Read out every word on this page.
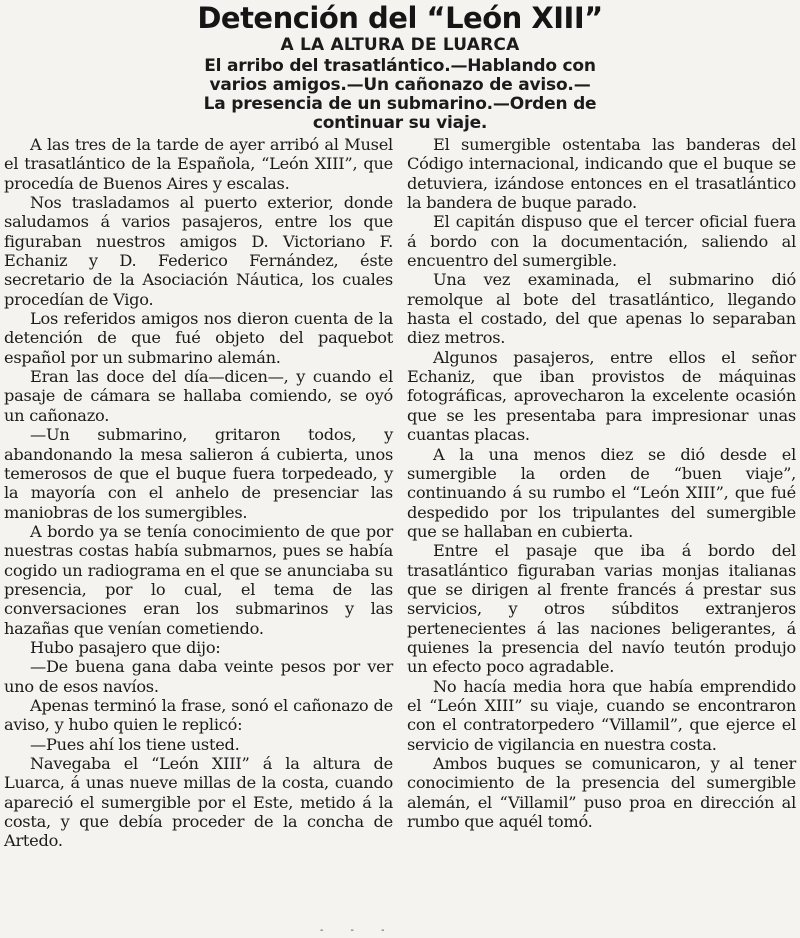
Detención del “León XIII”
A LA ALTURA DE LUARCA
El arribo del trasatlántico.—Hablando con varios amigos.—Un cañonazo de aviso.—La presencia de un submarino.—Orden de continuar su viaje.

A las tres de la tarde de ayer arribó al Musel el trasatlántico de la Española, “León XIII”, que procedía de Buenos Aires y escalas.

Nos trasladamos al puerto exterior, donde saludamos á varios pasajeros, entre los que figuraban nuestros amigos D. Victoriano F. Echaniz y D. Federico Fernández, éste secretario de la Asociación Náutica, los cuales procedían de Vigo.

Los referidos amigos nos dieron cuenta de la detención de que fué objeto del paquebot español por un submarino alemán.

Eran las doce del día—dicen—, y cuando el pasaje de cámara se hallaba comiendo, se oyó un cañonazo.

—Un submarino, gritaron todos, y abandonando la mesa salieron á cubierta, unos temerosos de que el buque fuera torpedeado, y la mayoría con el anhelo de presenciar las maniobras de los sumergibles.

A bordo ya se tenía conocimiento de que por nuestras costas había submarnos, pues se había cogido un radiograma en el que se anunciaba su presencia, por lo cual, el tema de las conversaciones eran los submarinos y las hazañas que venían cometiendo.

Hubo pasajero que dijo:

—De buena gana daba veinte pesos por ver uno de esos navíos.

Apenas terminó la frase, sonó el cañonazo de aviso, y hubo quien le replicó:

—Pues ahí los tiene usted.

Navegaba el “León XIII” á la altura de Luarca, á unas nueve millas de la costa, cuando apareció el sumergible por el Este, metido á la costa, y que debía proceder de la concha de Artedo.

El sumergible ostentaba las banderas del Código internacional, indicando que el buque se detuviera, izándose entonces en el trasatlántico la bandera de buque parado.

El capitán dispuso que el tercer oficial fuera á bordo con la documentación, saliendo al encuentro del sumergible.

Una vez examinada, el submarino dió remolque al bote del trasatlántico, llegando hasta el costado, del que apenas lo separaban diez metros.

Algunos pasajeros, entre ellos el señor Echaniz, que iban provistos de máquinas fotográficas, aprovecharon la excelente ocasión que se les presentaba para impresionar unas cuantas placas.

A la una menos diez se dió desde el sumergible la orden de “buen viaje”, continuando á su rumbo el “León XIII”, que fué despedido por los tripulantes del sumergible que se hallaban en cubierta.

Entre el pasaje que iba á bordo del trasatlántico figuraban varias monjas italianas que se dirigen al frente francés á prestar sus servicios, y otros súbditos extranjeros pertenecientes á las naciones beligerantes, á quienes la presencia del navío teutón produjo un efecto poco agradable.

No hacía media hora que había emprendido el “León XIII” su viaje, cuando se encontraron con el contratorpedero “Villamil”, que ejerce el servicio de vigilancia en nuestra costa.

Ambos buques se comunicaron, y al tener conocimiento de la presencia del sumergible alemán, el “Villamil” puso proa en dirección al rumbo que aquél tomó.

‑ ‑ ‑
